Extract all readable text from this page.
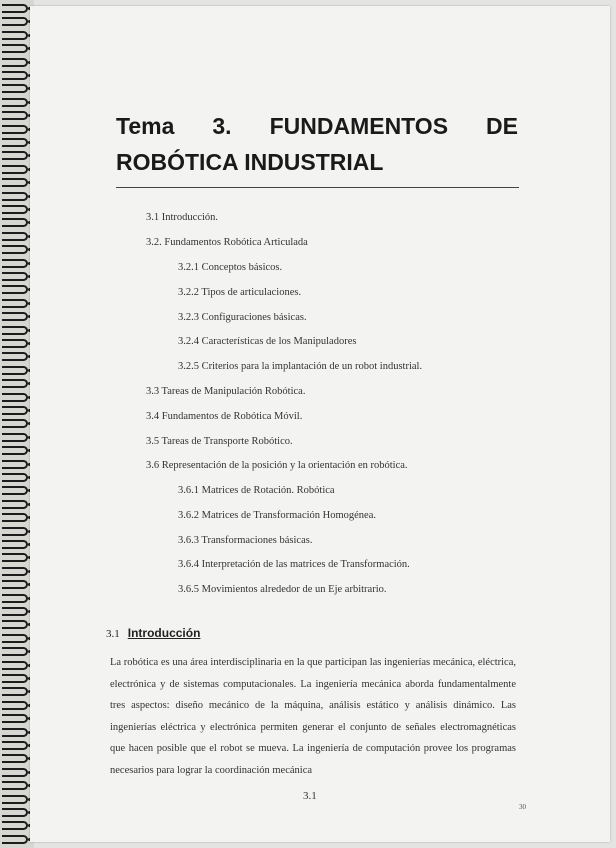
Tema 3. FUNDAMENTOS DE
ROBÓTICA INDUSTRIAL
3.1 Introducción.
3.2. Fundamentos Robótica Articulada
3.2.1 Conceptos básicos.
3.2.2 Tipos de articulaciones.
3.2.3 Configuraciones básicas.
3.2.4 Características de los Manipuladores
3.2.5 Criterios para la implantación de un robot industrial.
3.3 Tareas de Manipulación Robótica.
3.4 Fundamentos de Robótica Móvil.
3.5 Tareas de Transporte Robótico.
3.6 Representación de la posición y la orientación en robótica.
3.6.1 Matrices de Rotación. Robótica
3.6.2 Matrices de Transformación Homogénea.
3.6.3 Transformaciones básicas.
3.6.4 Interpretación de las matrices de Transformación.
3.6.5 Movimientos alrededor de un Eje arbitrario.
3.1 Introducción

La robótica es una área interdisciplinaria en la que participan las ingenierías mecánica, eléctrica, electrónica y de sistemas computacionales. La ingeniería mecánica aborda fundamentalmente tres aspectos: diseño mecánico de la máquina, análisis estático y análisis dinámico. Las ingenierías eléctrica y electrónica permiten generar el conjunto de señales electromagnéticas que hacen posible que el robot se mueva. La ingeniería de computación provee los programas necesarios para lograr la coordinación mecánica

3.1
30
